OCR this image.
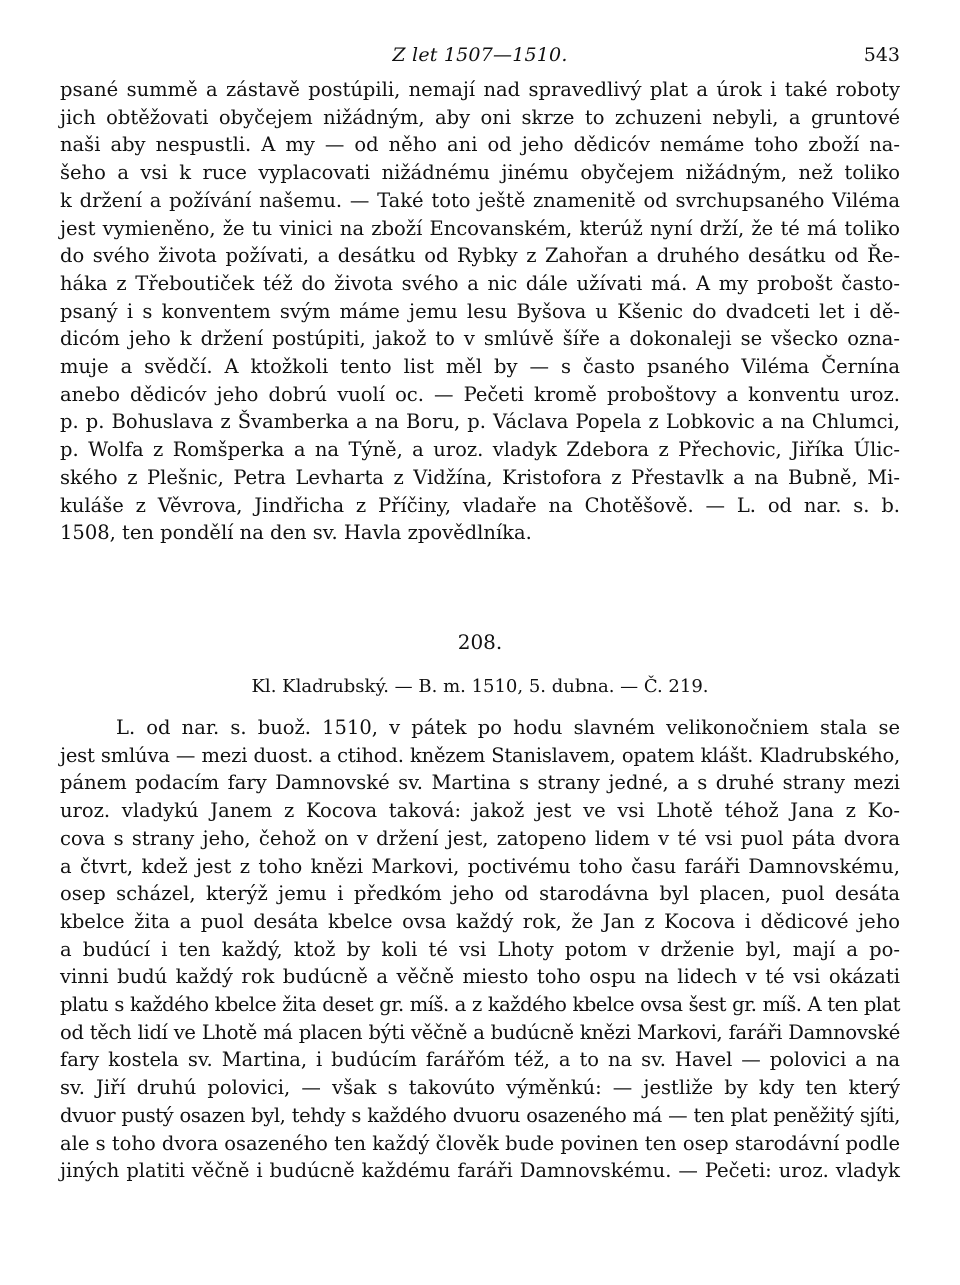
Z let 1507—1510.	543

psané summě a zástavě postúpili, nemají nad spravedlivý plat a úrok i také roboty
jich obtěžovati obyčejem nižádným, aby oni skrze to zchuzeni nebyli, a gruntové
naši aby nespustli. A my — od něho ani od jeho dědicóv nemáme toho zboží na-
šeho a vsi k ruce vyplacovati nižádnému jinému obyčejem nižádným, než toliko
k držení a požívání našemu. — Také toto ještě znamenitě od svrchupsaného Viléma
jest vymieněno, že tu vinici na zboží Encovanském, kterúž nyní drží, že té má toliko
do svého života požívati, a desátku od Rybky z Zahořan a druhého desátku od Ře-
háka z Třeboutiček též do života svého a nic dále užívati má. A my probošt často-
psaný i s konventem svým máme jemu lesu Byšova u Kšenic do dvadceti let i dě-
dicóm jeho k držení postúpiti, jakož to v smlúvě šíře a dokonaleji se všecko ozna-
muje a svědčí. A ktožkoli tento list měl by — s často psaného Viléma Černína
anebo dědicóv jeho dobrú vuolí oc. — Pečeti kromě proboštovy a konventu uroz.
p. p. Bohuslava z Švamberka a na Boru, p. Václava Popela z Lobkovic a na Chlumci,
p. Wolfa z Romšperka a na Týně, a uroz. vladyk Zdebora z Přechovic, Jiříka Úlic-
ského z Plešnic, Petra Levharta z Vidžína, Kristofora z Přestavlk a na Bubně, Mi-
kuláše z Věvrova, Jindřicha z Příčiny, vladaře na Chotěšově. — L. od nar. s. b.
1508, ten pondělí na den sv. Havla zpovědlníka.

208.
Kl. Kladrubský. — B. m. 1510, 5. dubna. — Č. 219.

L. od nar. s. buož. 1510, v pátek po hodu slavném velikonočniem stala se
jest smlúva — mezi duost. a ctihod. knězem Stanislavem, opatem klášt. Kladrubského,
pánem podacím fary Damnovské sv. Martina s strany jedné, a s druhé strany mezi
uroz. vladykú Janem z Kocova taková: jakož jest ve vsi Lhotě téhož Jana z Ko-
cova s strany jeho, čehož on v držení jest, zatopeno lidem v té vsi puol páta dvora
a čtvrt, kdež jest z toho knězi Markovi, poctivému toho času faráři Damnovskému,
osep scházel, kterýž jemu i předkóm jeho od starodávna byl placen, puol desáta
kbelce žita a puol desáta kbelce ovsa každý rok, že Jan z Kocova i dědicové jeho
a budúcí i ten každý, ktož by koli té vsi Lhoty potom v drženie byl, mají a po-
vinni budú každý rok budúcně a věčně miesto toho ospu na lidech v té vsi okázati
platu s každého kbelce žita deset gr. míš. a z každého kbelce ovsa šest gr. míš. A ten plat
od těch lidí ve Lhotě má placen býti věčně a budúcně knězi Markovi, faráři Damnovské
fary kostela sv. Martina, i budúcím farářóm též, a to na sv. Havel — polovici a na
sv. Jiří druhú polovici, — však s takovúto výměnkú: — jestliže by kdy ten který
dvuor pustý osazen byl, tehdy s každého dvuoru osazeného má — ten plat peněžitý sjíti,
ale s toho dvora osazeného ten každý člověk bude povinen ten osep starodávní podle
jiných platiti věčně i budúcně každému faráři Damnovskému. — Pečeti: uroz. vladyk
